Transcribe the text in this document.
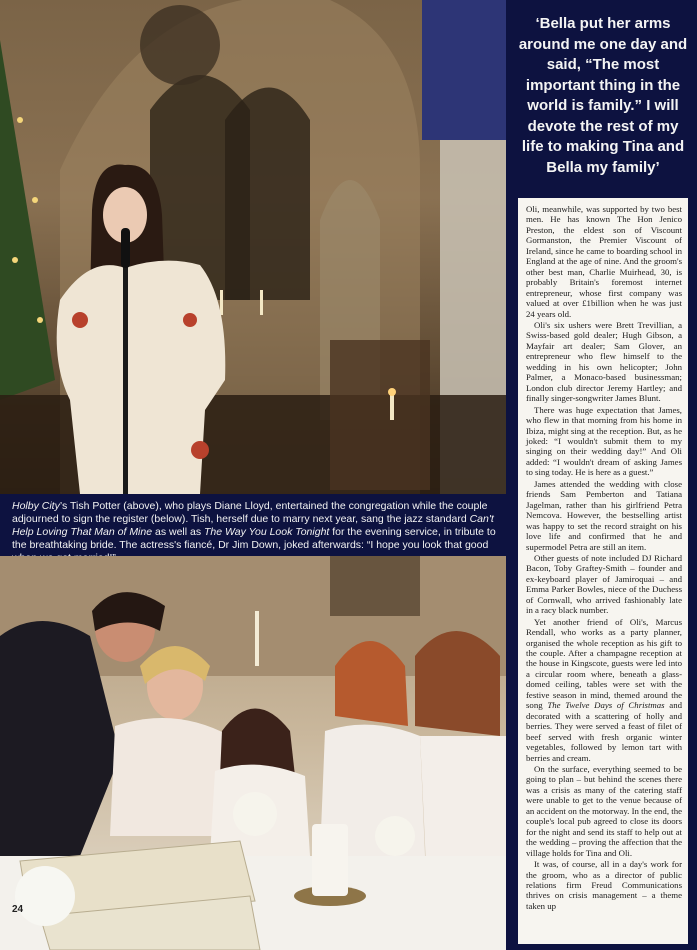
Holby City’s Tish Potter (above), who plays Diane Lloyd, entertained the congregation while the couple adjourned to sign the register (below). Tish, herself due to marry next year, sang the jazz standard Can't Help Loving That Man of Mine as well as The Way You Look Tonight for the evening service, in tribute to the breathtaking bride. The actress's fiancé, Dr Jim Down, joked afterwards: “I hope you look that good

24

‘Bella put her arms around me one day and said, “The most important thing in the world is family.” I will devote the rest of my life to making Tina and Bella my family’

Oli, meanwhile, was supported by two best men. He has known The Hon Jenico Preston, the eldest son of Viscount Gormanston, the Premier Viscount of Ireland, since he came to boarding school in England at the age of nine. And the groom's other best man, Charlie Muirhead, 30, is probably Britain's foremost internet entrepreneur, whose first company was valued at over £1billion when he was just 24 years old.

Oli's six ushers were Brett Trevillian, a Swiss-based gold dealer; Hugh Gibson, a Mayfair art dealer; Sam Glover, an entrepreneur who flew himself to the wedding in his own helicopter; John Palmer, a Monaco-based businessman; London club director Jeremy Hartley; and finally singer-songwriter James Blunt.

There was huge expectation that James, who flew in that morning from his home in Ibiza, might sing at the reception. But, as he joked: “I wouldn't submit them to my singing on their wedding day!” And Oli added: “I wouldn't dream of asking James to sing today. He is here as a guest.”

James attended the wedding with close friends Sam Pemberton and Tatiana Jagelman, rather than his girlfriend Petra Nemcova. However, the bestselling artist was happy to set the record straight on his love life and confirmed that he and supermodel Petra are still an item.

Other guests of note included DJ Richard Bacon, Toby Graftey-Smith – founder and ex-keyboard player of Jamiroquai – and Emma Parker Bowles, niece of the Duchess of Cornwall, who arrived fashionably late in a racy black number.

Yet another friend of Oli's, Marcus Rendall, who works as a party planner, organised the whole reception as his gift to the couple. After a champagne reception at the house in Kingscote, guests were led into a circular room where, beneath a glass-domed ceiling, tables were set with the festive season in mind, themed around the song The Twelve Days of Christmas and decorated with a scattering of holly and berries. They were served a feast of filet of beef served with fresh organic winter vegetables, followed by lemon tart with berries and cream.

On the surface, everything seemed to be going to plan – but behind the scenes there was a crisis as many of the catering staff were unable to get to the venue because of an accident on the motorway. In the end, the couple's local pub agreed to close its doors for the night and send its staff to help out at the wedding – proving the affection that the village holds for Tina and Oli.

It was, of course, all in a day's work for the groom, who as a director of public relations firm Freud Communications thrives on crisis management – a theme taken up
